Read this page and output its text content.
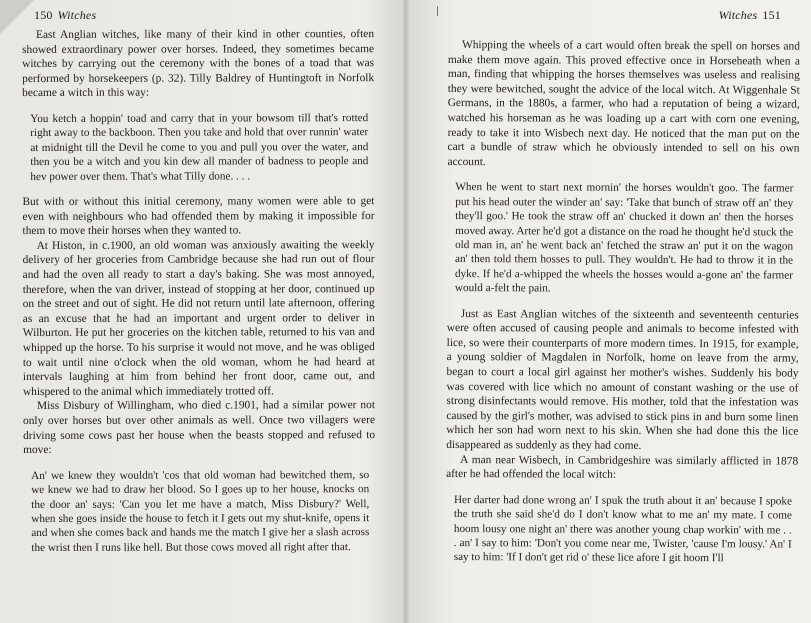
150 Witches

East Anglian witches, like many of their kind in other counties, often showed extraordinary power over horses. Indeed, they sometimes became witches by carrying out the ceremony with the bones of a toad that was performed by horsekeepers (p. 32). Tilly Baldrey of Huntingtoft in Norfolk became a witch in this way:

You ketch a hoppin' toad and carry that in your bowsom till that's rotted right away to the backboon. Then you take and hold that over runnin' water at midnight till the Devil he come to you and pull you over the water, and then you be a witch and you kin dew all mander of badness to people and hev power over them. That's what Tilly done. . . .

But with or without this initial ceremony, many women were able to get even with neighbours who had offended them by making it impossible for them to move their horses when they wanted to.

At Histon, in c.1900, an old woman was anxiously awaiting the weekly delivery of her groceries from Cambridge because she had run out of flour and had the oven all ready to start a day's baking. She was most annoyed, therefore, when the van driver, instead of stopping at her door, continued up on the street and out of sight. He did not return until late afternoon, offering as an excuse that he had an important and urgent order to deliver in Wilburton. He put her groceries on the kitchen table, returned to his van and whipped up the horse. To his surprise it would not move, and he was obliged to wait until nine o'clock when the old woman, whom he had heard at intervals laughing at him from behind her front door, came out, and whispered to the animal which immediately trotted off.

Miss Disbury of Willingham, who died c.1901, had a similar power not only over horses but over other animals as well. Once two villagers were driving some cows past her house when the beasts stopped and refused to move:

An' we knew they wouldn't 'cos that old woman had bewitched them, so we knew we had to draw her blood. So I goes up to her house, knocks on the door an' says: 'Can you let me have a match, Miss Disbury?' Well, when she goes inside the house to fetch it I gets out my shut-knife, opens it and when she comes back and hands me the match I give her a slash across the wrist then I runs like hell. But those cows moved all right after that.

Witches 151

Whipping the wheels of a cart would often break the spell on horses and make them move again. This proved effective once in Horseheath when a man, finding that whipping the horses themselves was useless and realising they were bewitched, sought the advice of the local witch. At Wiggenhale St Germans, in the 1880s, a farmer, who had a reputation of being a wizard, watched his horseman as he was loading up a cart with corn one evening, ready to take it into Wisbech next day. He noticed that the man put on the cart a bundle of straw which he obviously intended to sell on his own account.

When he went to start next mornin' the horses wouldn't goo. The farmer put his head outer the winder an' say: 'Take that bunch of straw off an' they they'll goo.' He took the straw off an' chucked it down an' then the horses moved away. Arter he'd got a distance on the road he thought he'd stuck the old man in, an' he went back an' fetched the straw an' put it on the wagon an' then told them hosses to pull. They wouldn't. He had to throw it in the dyke. If he'd a-whipped the wheels the hosses would a-gone an' the farmer would a-felt the pain.

Just as East Anglian witches of the sixteenth and seventeenth centuries were often accused of causing people and animals to become infested with lice, so were their counterparts of more modern times. In 1915, for example, a young soldier of Magdalen in Norfolk, home on leave from the army, began to court a local girl against her mother's wishes. Suddenly his body was covered with lice which no amount of constant washing or the use of strong disinfectants would remove. His mother, told that the infestation was caused by the girl's mother, was advised to stick pins in and burn some linen which her son had worn next to his skin. When she had done this the lice disappeared as suddenly as they had come.

A man near Wisbech, in Cambridgeshire was similarly afflicted in 1878 after he had offended the local witch:

Her darter had done wrong an' I spuk the truth about it an' because I spoke the truth she said she'd do I don't know what to me an' my mate. I come hoom lousy one night an' there was another young chap workin' with me . . . an' I say to him: 'Don't you come near me, Twister, 'cause I'm lousy.' An' I say to him: 'If I don't get rid o' these lice afore I git hoom I'll
